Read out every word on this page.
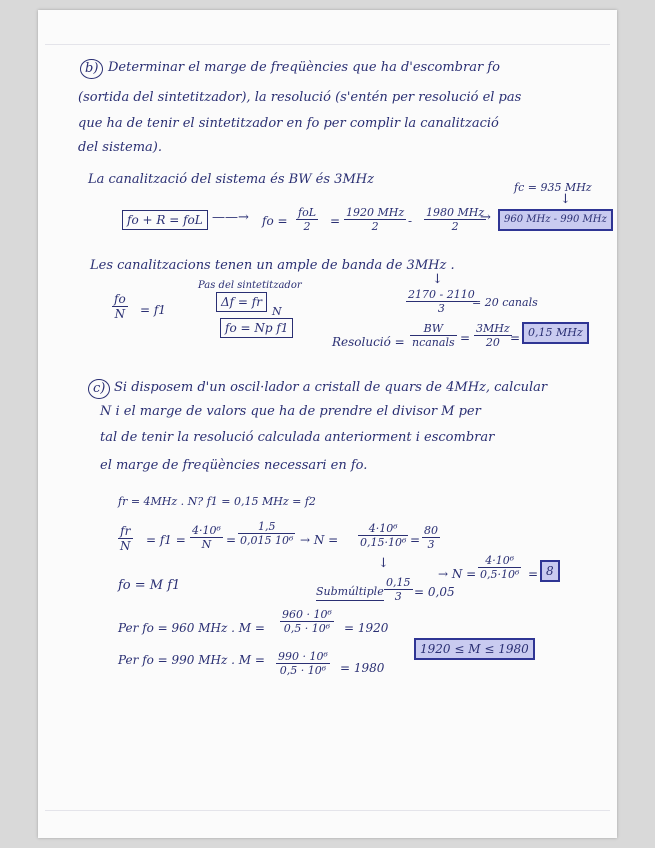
b) Determinar el marge de freqüències que ha d'escombrar fo
(sortida del sintetitzador), la resolució (s'entén per resolució el pas
que ha de tenir el sintetitzador en fo per complir la canalització
del sistema).
La canalització del sistema és BW és 3MHz
fc = 935 MHz
↓
fo + R = foL ——→ fo =
foL
2	=
1920 MHz
2	-
1980 MHz
2
→	960 MHz - 990 MHz
Les canalitzacions tenen un ample de banda de 3MHz .
Pas del sintetitzador	↓
$\frac{fo}{N} = f1$
Δf = fr
N
fo = Np f1
$\frac{2170 - 2110}{3}$
= 20 canals
Resolució =
BW
ncanals =
3MHz
20 = 0,15 MHz
c) Si disposem d'un oscil·lador a cristall de quars de 4MHz, calcular
N i el marge de valors que ha de prendre el divisor M per
tal de tenir la resolució calculada anteriorment i escombrar
el marge de freqüències necessari en fo.
fr = 4MHz . N? f1 = 0,15 MHz = f2
$\frac{fr}{N} = f1 = \frac{\text{4·10⁶}}{N} = \frac{1,5}{\text{0,015 10⁶}} \to N = \frac{\text{4·10⁶}}{\text{0,15·10⁶}} = \frac{80}{3}$
↓
→ $N = \frac{\text{4·10⁶}}{\text{0,5·10⁶}} = 8$
fo = M f1	Submúltiple $\frac{0,15}{3} = 0,05$
Per fo = 960 MHz . $M = \frac{\text{960 · 10⁶}}{\text{0,5 · 10⁶}} = 1920$
Per fo = 990 MHz . M =
1920 ≤ M ≤ 1980
$\frac{\text{990 · 10⁶}}{\text{0,5 · 10⁶}} = 1980$
